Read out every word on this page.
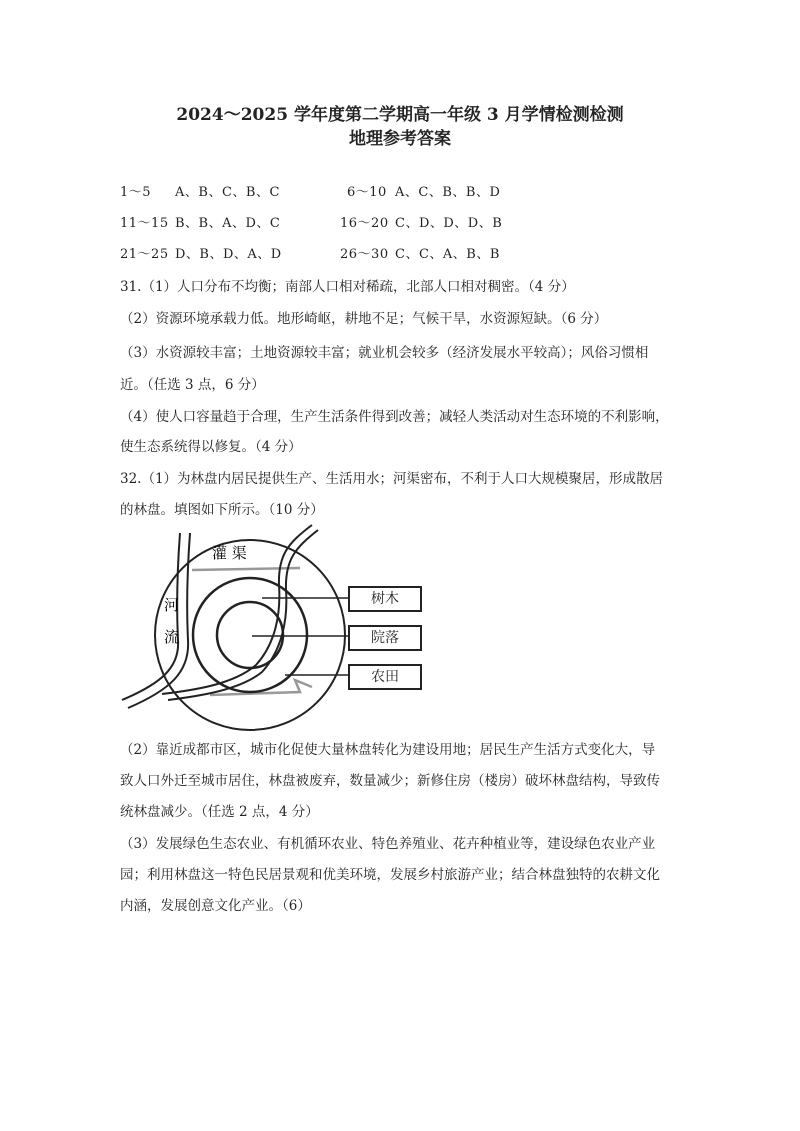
2024～2025 学年度第二学期高一年级 3 月学情检测检测
地理参考答案
1～5 A、B、C、B、C	6～10 A、C、B、B、D
11～15 B、B、A、D、C	16～20 C、D、D、D、B
21～25 D、B、D、A、D	26～30 C、C、A、B、B
31.（1）人口分布不均衡；南部人口相对稀疏，北部人口相对稠密。（4 分）
（2）资源环境承载力低。地形崎岖，耕地不足；气候干旱，水资源短缺。（6 分）
（3）水资源较丰富；土地资源较丰富；就业机会较多（经济发展水平较高）；风俗习惯相
近。（任选 3 点，6 分）
（4）使人口容量趋于合理，生产生活条件得到改善；减轻人类活动对生态环境的不利影响，
使生态系统得以修复。（4 分）
32.（1）为林盘内居民提供生产、生活用水；河渠密布，不利于人口大规模聚居，形成散居
的林盘。填图如下所示。（10 分）
灌 渠
河
流
树木
院落
农田
（2）靠近成都市区，城市化促使大量林盘转化为建设用地；居民生产生活方式变化大，导
致人口外迁至城市居住，林盘被废弃，数量减少；新修住房（楼房）破坏林盘结构，导致传
统林盘减少。（任选 2 点，4 分）
（3）发展绿色生态农业、有机循环农业、特色养殖业、花卉种植业等，建设绿色农业产业
园；利用林盘这一特色民居景观和优美环境，发展乡村旅游产业；结合林盘独特的农耕文化
内涵，发展创意文化产业。（6）
